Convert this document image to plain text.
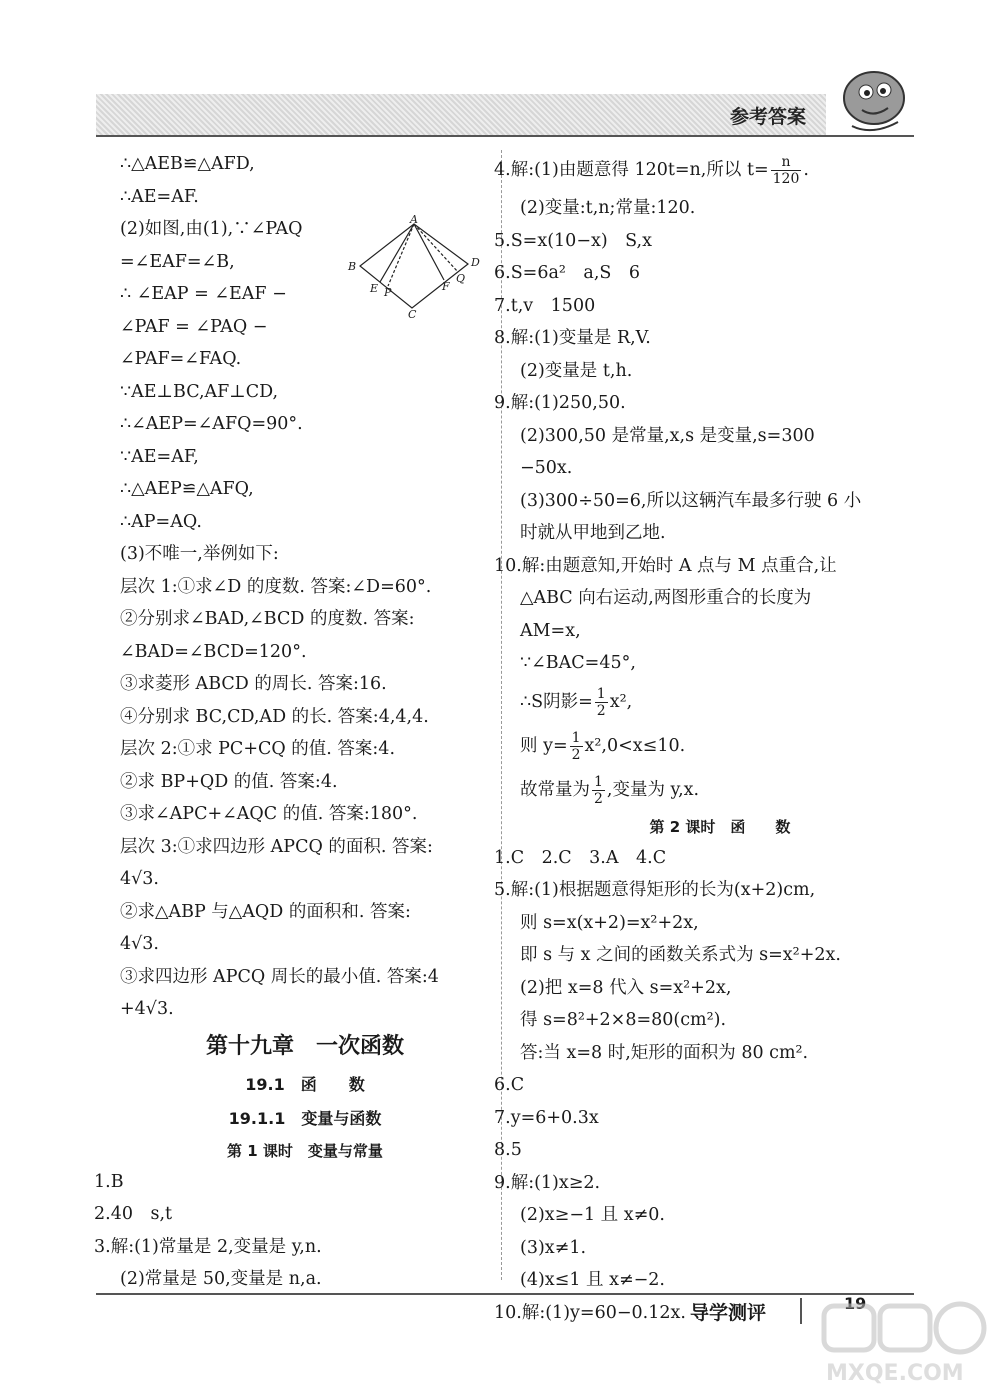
参考答案
∴△AEB≌△AFD,
∴AE=AF.
(2)如图,由(1),∵∠PAQ
=∠EAF=∠B,
∴ ∠EAP = ∠EAF −
∠PAF = ∠PAQ −
∠PAF=∠FAQ.
∵AE⊥BC,AF⊥CD,
∴∠AEP=∠AFQ=90°.
∵AE=AF,
∴△AEP≌△AFQ,
∴AP=AQ.
(3)不唯一,举例如下:
层次 1:①求∠D 的度数. 答案:∠D=60°.
②分别求∠BAD,∠BCD 的度数. 答案:
∠BAD=∠BCD=120°.
③求菱形 ABCD 的周长. 答案:16.
④分别求 BC,CD,AD 的长. 答案:4,4,4.
层次 2:①求 PC+CQ 的值. 答案:4.
②求 BP+QD 的值. 答案:4.
③求∠APC+∠AQC 的值. 答案:180°.
层次 3:①求四边形 APCQ 的面积. 答案:
4√3.
②求△ABP 与△AQD 的面积和. 答案:
4√3.
③求四边形 APCQ 周长的最小值. 答案:4
+4√3.
第十九章　一次函数
19.1　函　　数
19.1.1　变量与函数
第 1 课时　变量与常量
1.B
2.40　s,t
3.解:(1)常量是 2,变量是 y,n.
(2)常量是 50,变量是 n,a.
A
B
C
D
E P	F
Q
4.解:(1)由题意得 120t=n,所以 $t= \frac{n}{120}$ .
(2)变量:t,n;常量:120.
5.S=x(10−x)　S,x
6.S=6a²　a,S　6
7.t,v　1500
8.解:(1)变量是 R,V.
(2)变量是 t,h.
9.解:(1)250,50.
(2)300,50 是常量,x,s 是变量,s=300
−50x.
(3)300÷50=6,所以这辆汽车最多行驶 6 小
时就从甲地到乙地.
10.解:由题意知,开始时 A 点与 M 点重合,让
△ABC 向右运动,两图形重合的长度为
AM=x,
∵∠BAC=45°,
∴S阴影= $\frac{1}{2} x^2$,
则 $y= \frac{1}{2} x^2,0<x\le 10$.
故常量为 $\frac{1}{2}$ ,变量为 y,x.
第 2 课时　函　　数
1.C　2.C　3.A　4.C
5.解:(1)根据题意得矩形的长为(x+2)cm,
则 s=x(x+2)=x²+2x,
即 s 与 x 之间的函数关系式为 s=x²+2x.
(2)把 x=8 代入 s=x²+2x,
得 s=8²+2×8=80(cm²).
答:当 x=8 时,矩形的面积为 80 cm².
6.C
7.y=6+0.3x
8.5
9.解:(1)x≥2.
(2)x≥−1 且 x≠0.
(3)x≠1.
(4)x≤1 且 x≠−2.
10.解:(1)y=60−0.12x. 导学测评	19
MXQE.COM
